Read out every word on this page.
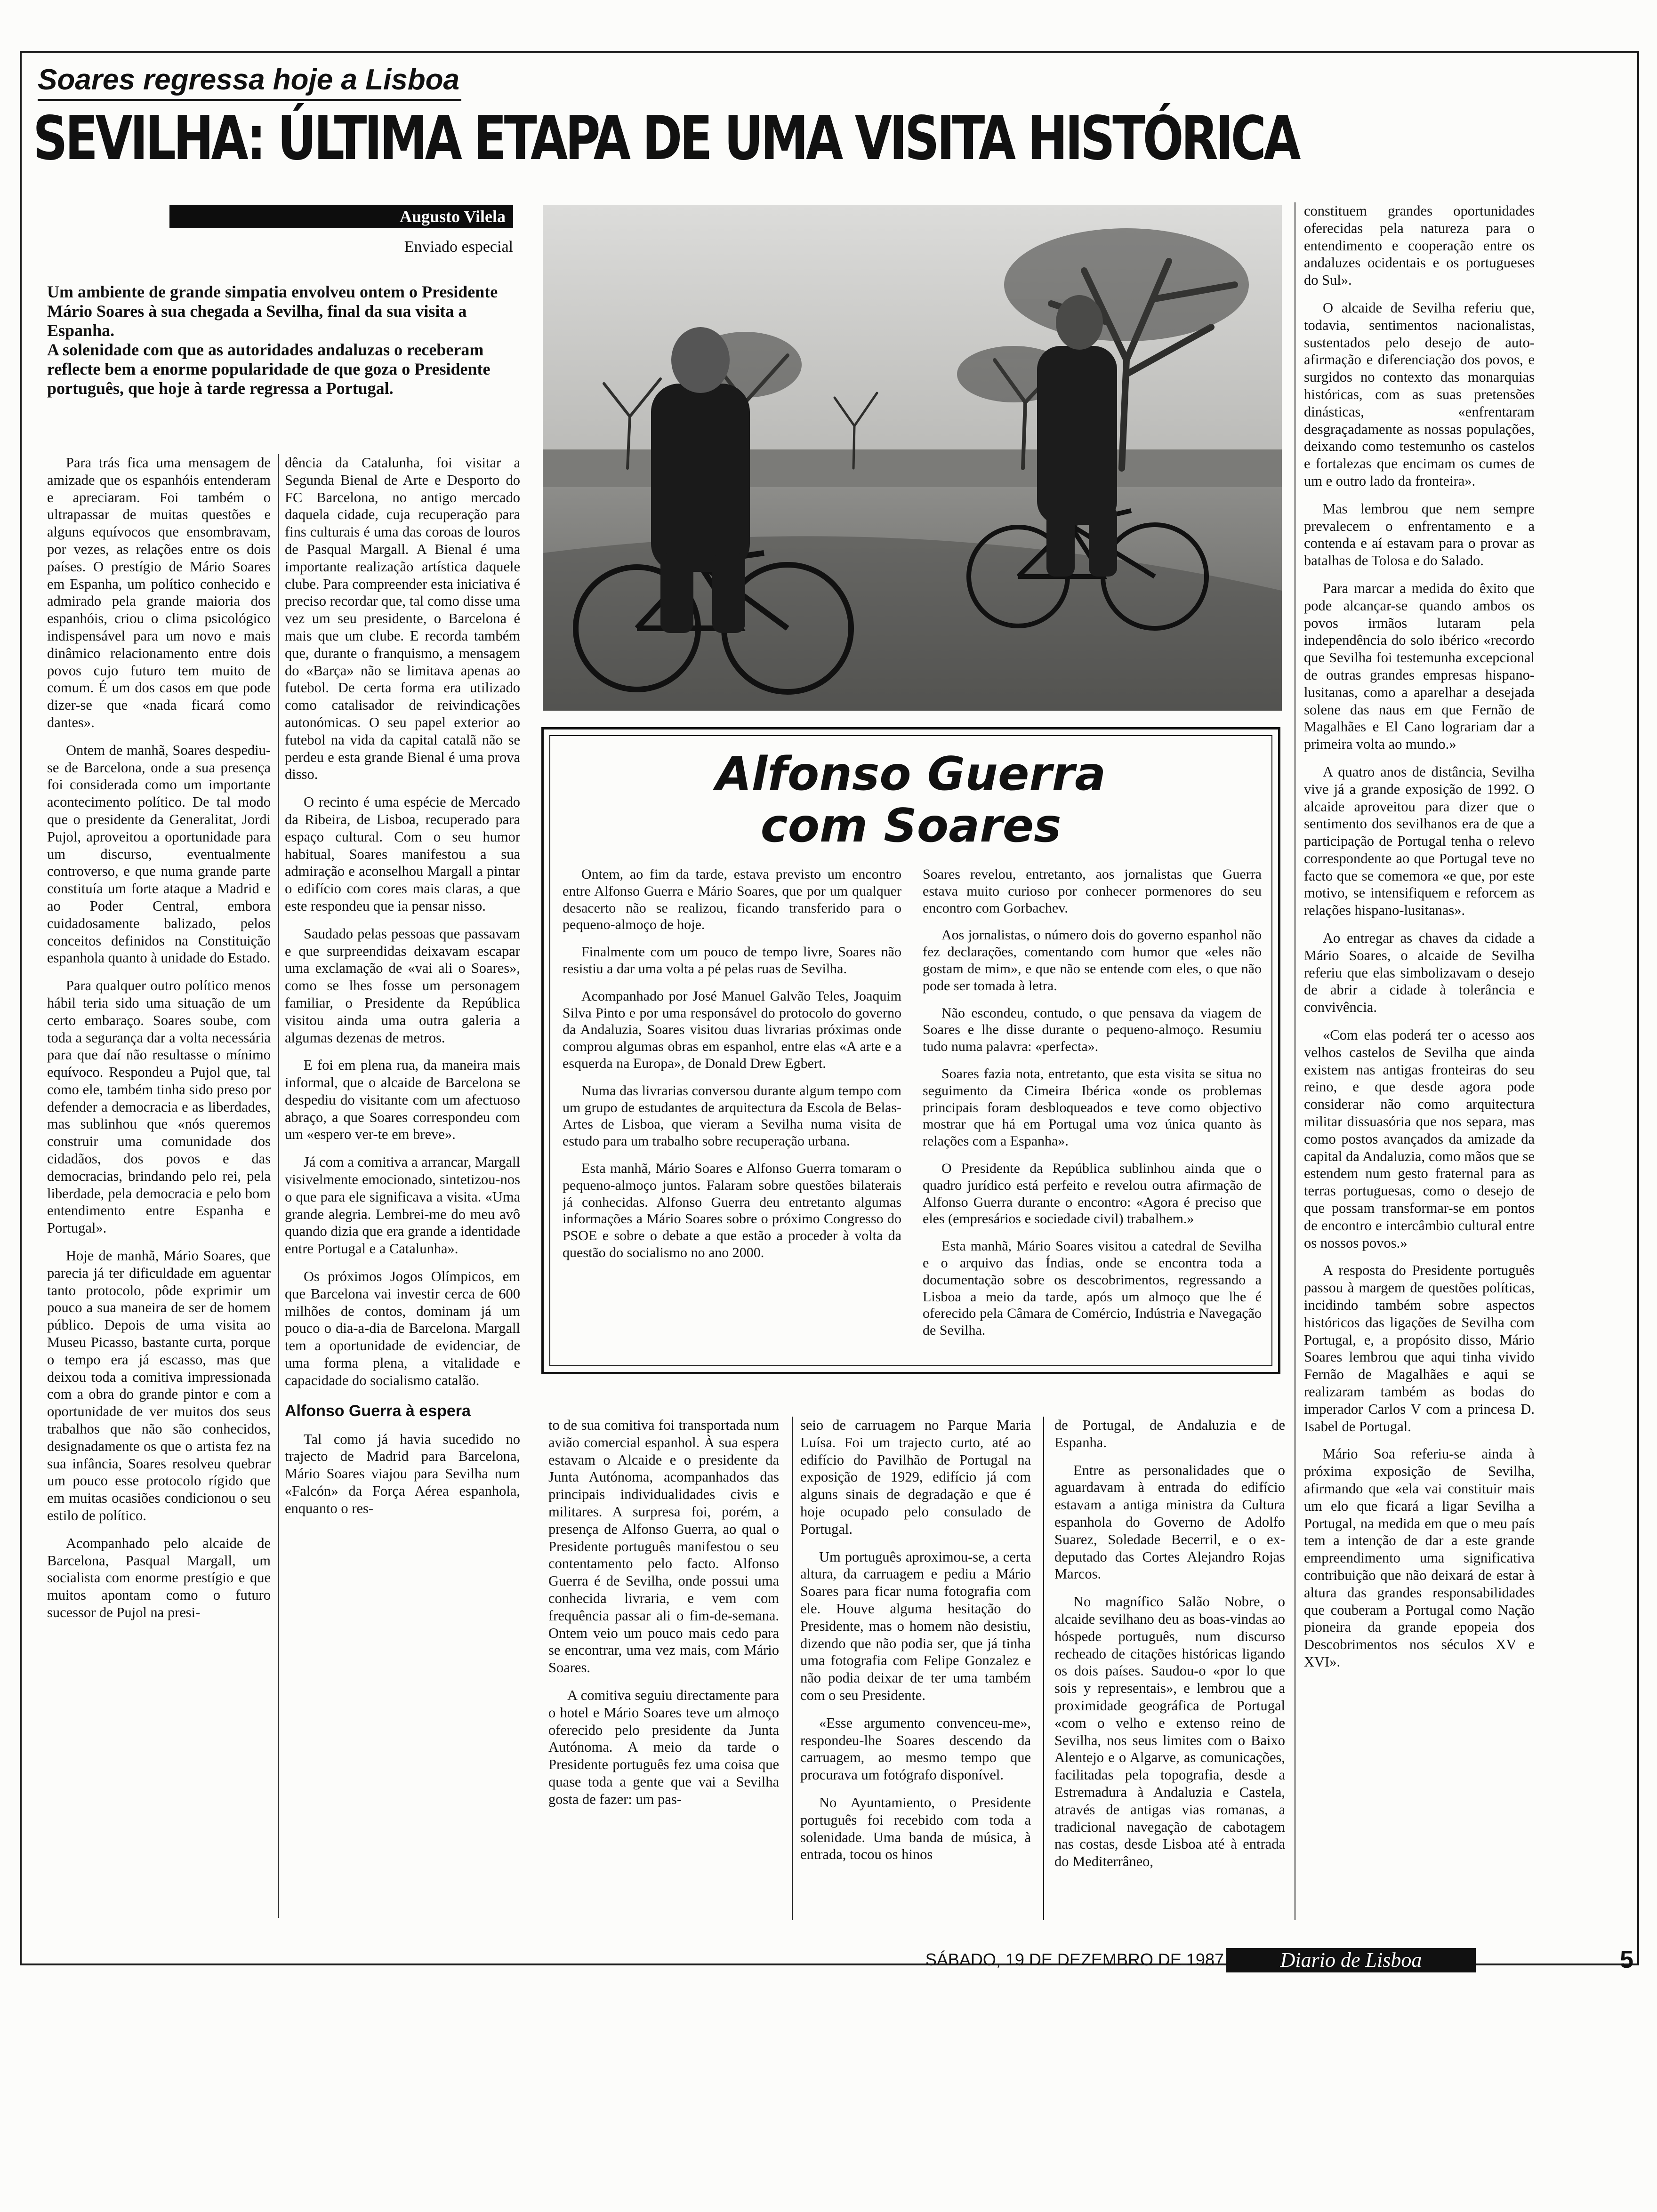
Soares regressa hoje a Lisboa
SEVILHA: ÚLTIMA ETAPA DE UMA VISITA HISTÓRICA
Augusto Vilela
Enviado especial

Um ambiente de grande simpatia envolveu ontem o Presidente Mário Soares à sua chegada a Sevilha, final da sua visita a Espanha.

A solenidade com que as autoridades andaluzas o receberam reflecte bem a enorme popularidade de que goza o Presidente português, que hoje à tarde regressa a Portugal.

Para trás fica uma mensagem de amizade que os espanhóis entenderam e apreciaram. Foi também o ultrapassar de muitas questões e alguns equívocos que ensombravam, por vezes, as relações entre os dois países. O prestígio de Mário Soares em Espanha, um político conhecido e admirado pela grande maioria dos espanhóis, criou o clima psicológico indispensável para um novo e mais dinâmico relacionamento entre dois povos cujo futuro tem muito de comum. É um dos casos em que pode dizer-se que «nada ficará como dantes».

Ontem de manhã, Soares despediu-se de Barcelona, onde a sua presença foi considerada como um importante acontecimento político. De tal modo que o presidente da Generalitat, Jordi Pujol, aproveitou a oportunidade para um discurso, eventualmente controverso, e que numa grande parte constituía um forte ataque a Madrid e ao Poder Central, embora cuidadosamente balizado, pelos conceitos definidos na Constituição espanhola quanto à unidade do Estado.

Para qualquer outro político menos hábil teria sido uma situação de um certo embaraço. Soares soube, com toda a segurança dar a volta necessária para que daí não resultasse o mínimo equívoco. Respondeu a Pujol que, tal como ele, também tinha sido preso por defender a democracia e as liberdades, mas sublinhou que «nós queremos construir uma comunidade dos cidadãos, dos povos e das democracias, brindando pelo rei, pela liberdade, pela democracia e pelo bom entendimento entre Espanha e Portugal».

Hoje de manhã, Mário Soares, que parecia já ter dificuldade em aguentar tanto protocolo, pôde exprimir um pouco a sua maneira de ser de homem público. Depois de uma visita ao Museu Picasso, bastante curta, porque o tempo era já escasso, mas que deixou toda a comitiva impressionada com a obra do grande pintor e com a oportunidade de ver muitos dos seus trabalhos que não são conhecidos, designadamente os que o artista fez na sua infância, Soares resolveu quebrar um pouco esse protocolo rígido que em muitas ocasiões condicionou o seu estilo de político.

Acompanhado pelo alcaide de Barcelona, Pasqual Margall, um socialista com enorme prestígio e que muitos apontam como o futuro sucessor de Pujol na presi-

dência da Catalunha, foi visitar a Segunda Bienal de Arte e Desporto do FC Barcelona, no antigo mercado daquela cidade, cuja recuperação para fins culturais é uma das coroas de louros de Pasqual Margall. A Bienal é uma importante realização artística daquele clube. Para compreender esta iniciativa é preciso recordar que, tal como disse uma vez um seu presidente, o Barcelona é mais que um clube. E recorda também que, durante o franquismo, a mensagem do «Barça» não se limitava apenas ao futebol. De certa forma era utilizado como catalisador de reivindicações autonómicas. O seu papel exterior ao futebol na vida da capital catalã não se perdeu e esta grande Bienal é uma prova disso.

O recinto é uma espécie de Mercado da Ribeira, de Lisboa, recuperado para espaço cultural. Com o seu humor habitual, Soares manifestou a sua admiração e aconselhou Margall a pintar o edifício com cores mais claras, a que este respondeu que ia pensar nisso.

Saudado pelas pessoas que passavam e que surpreendidas deixavam escapar uma exclamação de «vai ali o Soares», como se lhes fosse um personagem familiar, o Presidente da República visitou ainda uma outra galeria a algumas dezenas de metros.

E foi em plena rua, da maneira mais informal, que o alcaide de Barcelona se despediu do visitante com um afectuoso abraço, a que Soares correspondeu com um «espero ver-te em breve».

Já com a comitiva a arrancar, Margall visivelmente emocionado, sintetizou-nos o que para ele significava a visita. «Uma grande alegria. Lembrei-me do meu avô quando dizia que era grande a identidade entre Portugal e a Catalunha».

Os próximos Jogos Olímpicos, em que Barcelona vai investir cerca de 600 milhões de contos, dominam já um pouco o dia-a-dia de Barcelona. Margall tem a oportunidade de evidenciar, de uma forma plena, a vitalidade e capacidade do socialismo catalão.

Alfonso Guerra à espera

Tal como já havia sucedido no trajecto de Madrid para Barcelona, Mário Soares viajou para Sevilha num «Falcón» da Força Aérea espanhola, enquanto o res-

Alfonso Guerra
com Soares

Ontem, ao fim da tarde, estava previsto um encontro entre Alfonso Guerra e Mário Soares, que por um qualquer desacerto não se realizou, ficando transferido para o pequeno-almoço de hoje.

Finalmente com um pouco de tempo livre, Soares não resistiu a dar uma volta a pé pelas ruas de Sevilha.

Acompanhado por José Manuel Galvão Teles, Joaquim Silva Pinto e por uma responsável do protocolo do governo da Andaluzia, Soares visitou duas livrarias próximas onde comprou algumas obras em espanhol, entre elas «A arte e a esquerda na Europa», de Donald Drew Egbert.

Numa das livrarias conversou durante algum tempo com um grupo de estudantes de arquitectura da Escola de Belas-Artes de Lisboa, que vieram a Sevilha numa visita de estudo para um trabalho sobre recuperação urbana.

Esta manhã, Mário Soares e Alfonso Guerra tomaram o pequeno-almoço juntos. Falaram sobre questões bilaterais já conhecidas. Alfonso Guerra deu entretanto algumas informações a Mário Soares sobre o próximo Congresso do PSOE e sobre o debate a que estão a proceder à volta da questão do socialismo no ano 2000.

Soares revelou, entretanto, aos jornalistas que Guerra estava muito curioso por conhecer pormenores do seu encontro com Gorbachev.

Aos jornalistas, o número dois do governo espanhol não fez declarações, comentando com humor que «eles não gostam de mim», e que não se entende com eles, o que não pode ser tomada à letra.

Não escondeu, contudo, o que pensava da viagem de Soares e lhe disse durante o pequeno-almoço. Resumiu tudo numa palavra: «perfecta».

Soares fazia nota, entretanto, que esta visita se situa no seguimento da Cimeira Ibérica «onde os problemas principais foram desbloqueados e teve como objectivo mostrar que há em Portugal uma voz única quanto às relações com a Espanha».

O Presidente da República sublinhou ainda que o quadro jurídico está perfeito e revelou outra afirmação de Alfonso Guerra durante o encontro: «Agora é preciso que eles (empresários e sociedade civil) trabalhem.»

Esta manhã, Mário Soares visitou a catedral de Sevilha e o arquivo das Índias, onde se encontra toda a documentação sobre os descobrimentos, regressando a Lisboa a meio da tarde, após um almoço que lhe é oferecido pela Câmara de Comércio, Indústria e Navegação de Sevilha.

to de sua comitiva foi transportada num avião comercial espanhol. À sua espera estavam o Alcaide e o presidente da Junta Autónoma, acompanhados das principais individualidades civis e militares. A surpresa foi, porém, a presença de Alfonso Guerra, ao qual o Presidente português manifestou o seu contentamento pelo facto. Alfonso Guerra é de Sevilha, onde possui uma conhecida livraria, e vem com frequência passar ali o fim-de-semana. Ontem veio um pouco mais cedo para se encontrar, uma vez mais, com Mário Soares.

A comitiva seguiu directamente para o hotel e Mário Soares teve um almoço oferecido pelo presidente da Junta Autónoma. A meio da tarde o Presidente português fez uma coisa que quase toda a gente que vai a Sevilha gosta de fazer: um pas-

seio de carruagem no Parque Maria Luísa. Foi um trajecto curto, até ao edifício do Pavilhão de Portugal na exposição de 1929, edifício já com alguns sinais de degradação e que é hoje ocupado pelo consulado de Portugal.

Um português aproximou-se, a certa altura, da carruagem e pediu a Mário Soares para ficar numa fotografia com ele. Houve alguma hesitação do Presidente, mas o homem não desistiu, dizendo que não podia ser, que já tinha uma fotografia com Felipe Gonzalez e não podia deixar de ter uma também com o seu Presidente.

«Esse argumento convenceu-me», respondeu-lhe Soares descendo da carruagem, ao mesmo tempo que procurava um fotógrafo disponível.

No Ayuntamiento, o Presidente português foi recebido com toda a solenidade. Uma banda de música, à entrada, tocou os hinos

de Portugal, de Andaluzia e de Espanha.

Entre as personalidades que o aguardavam à entrada do edifício estavam a antiga ministra da Cultura espanhola do Governo de Adolfo Suarez, Soledade Becerril, e o ex-deputado das Cortes Alejandro Rojas Marcos.

No magnífico Salão Nobre, o alcaide sevilhano deu as boas-vindas ao hóspede português, num discurso recheado de citações históricas ligando os dois países. Saudou-o «por lo que sois y representais», e lembrou que a proximidade geográfica de Portugal «com o velho e extenso reino de Sevilha, nos seus limites com o Baixo Alentejo e o Algarve, as comunicações, facilitadas pela topografia, desde a Estremadura à Andaluzia e Castela, através de antigas vias romanas, a tradicional navegação de cabotagem nas costas, desde Lisboa até à entrada do Mediterrâneo,

constituem grandes oportunidades oferecidas pela natureza para o entendimento e cooperação entre os andaluzes ocidentais e os portugueses do Sul».

O alcaide de Sevilha referiu que, todavia, sentimentos nacionalistas, sustentados pelo desejo de auto-afirmação e diferenciação dos povos, e surgidos no contexto das monarquias históricas, com as suas pretensões dinásticas, «enfrentaram desgraçadamente as nossas populações, deixando como testemunho os castelos e fortalezas que encimam os cumes de um e outro lado da fronteira».

Mas lembrou que nem sempre prevalecem o enfrentamento e a contenda e aí estavam para o provar as batalhas de Tolosa e do Salado.

Para marcar a medida do êxito que pode alcançar-se quando ambos os povos irmãos lutaram pela independência do solo ibérico «recordo que Sevilha foi testemunha excepcional de outras grandes empresas hispano-lusitanas, como a aparelhar a desejada solene das naus em que Fernão de Magalhães e El Cano lograriam dar a primeira volta ao mundo.»

A quatro anos de distância, Sevilha vive já a grande exposição de 1992. O alcaide aproveitou para dizer que o sentimento dos sevilhanos era de que a participação de Portugal tenha o relevo correspondente ao que Portugal teve no facto que se comemora «e que, por este motivo, se intensifiquem e reforcem as relações hispano-lusitanas».

Ao entregar as chaves da cidade a Mário Soares, o alcaide de Sevilha referiu que elas simbolizavam o desejo de abrir a cidade à tolerância e convivência.

«Com elas poderá ter o acesso aos velhos castelos de Sevilha que ainda existem nas antigas fronteiras do seu reino, e que desde agora pode considerar não como arquitectura militar dissuasória que nos separa, mas como postos avançados da amizade da capital da Andaluzia, como mãos que se estendem num gesto fraternal para as terras portuguesas, como o desejo de que possam transformar-se em pontos de encontro e intercâmbio cultural entre os nossos povos.»

A resposta do Presidente português passou à margem de questões políticas, incidindo também sobre aspectos históricos das ligações de Sevilha com Portugal, e, a propósito disso, Mário Soares lembrou que aqui tinha vivido Fernão de Magalhães e aqui se realizaram também as bodas do imperador Carlos V com a princesa D. Isabel de Portugal.

Mário Soa referiu-se ainda à próxima exposição de Sevilha, afirmando que «ela vai constituir mais um elo que ficará a ligar Sevilha a Portugal, na medida em que o meu país tem a intenção de dar a este grande empreendimento uma significativa contribuição que não deixará de estar à altura das grandes responsabilidades que couberam a Portugal como Nação pioneira da grande epopeia dos Descobrimentos nos séculos XV e XVI».

SÁBADO, 19 DE DEZEMBRO DE 1987	Diario de Lisboa	5
